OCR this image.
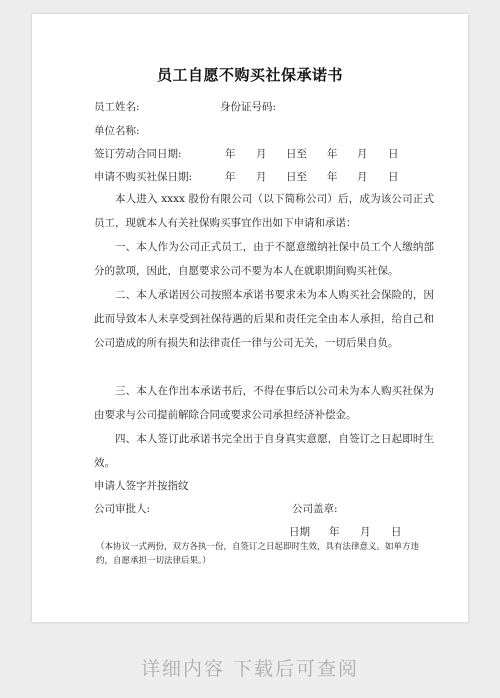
员工自愿不购买社保承诺书
员工姓名:	身份证号码:
单位名称:
签订劳动合同日期:	年 月 日至 年 月 日
申请不购买社保日期:	年 月 日至 年 月 日
本人进入 xxxx 股份有限公司（以下简称公司）后，成为该公司正式员工，现就本人有关社保购买事宜作出如下申请和承诺：
一、本人作为公司正式员工，由于不愿意缴纳社保中员工个人缴纳部分的款项，因此，自愿要求公司不要为本人在就职期间购买社保。
二、本人承诺因公司按照本承诺书要求未为本人购买社会保险的，因此而导致本人未享受到社保待遇的后果和责任完全由本人承担，给自己和公司造成的所有损失和法律责任一律与公司无关，一切后果自负。
三、本人在作出本承诺书后，不得在事后以公司未为本人购买社保为由要求与公司提前解除合同或要求公司承担经济补偿金。
四、本人签订此承诺书完全出于自身真实意愿，自签订之日起即时生效。
申请人签字并按指纹
公司审批人:	公司盖章:
日期 年 月 日
（本协议一式两份，双方各执一份，自签订之日起即时生效，具有法律意义。如单方违约，自愿承担一切法律后果。）
详细内容 下载后可查阅
